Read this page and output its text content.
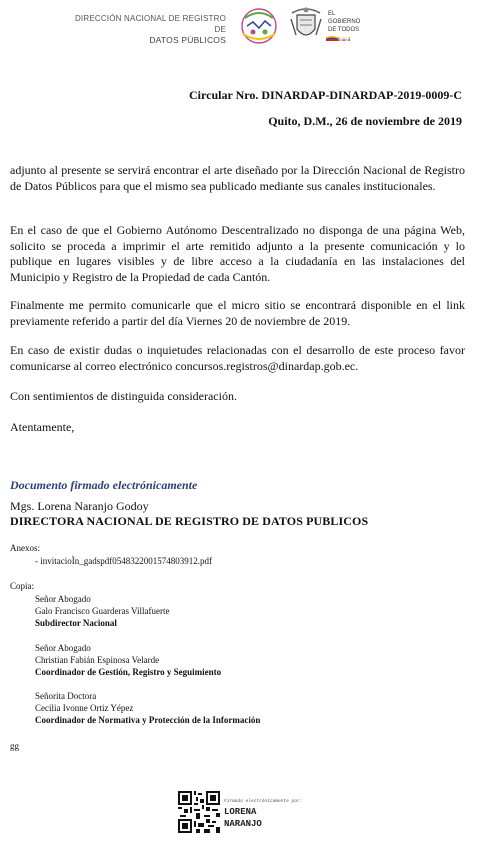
DIRECCIÓN NACIONAL DE REGISTRO DE
DATOS PÚBLICOS
EL
GOBIERNO
DE TODOS
Circular Nro. DINARDAP-DINARDAP-2019-0009-C
Quito, D.M., 26 de noviembre de 2019

adjunto al presente se servirá encontrar el arte diseñado por la Dirección Nacional de Registro de Datos Públicos para que el mismo sea publicado mediante sus canales institucionales.

En el caso de que el Gobierno Autónomo Descentralizado no disponga de una página Web, solicito se proceda a imprimir el arte remitido adjunto a la presente comunicación y lo publique en lugares visibles y de libre acceso a la ciudadanía en las instalaciones del Municipio y Registro de la Propiedad de cada Cantón.

Finalmente me permito comunicarle que el micro sitio se encontrará disponible en el link previamente referido a partir del día Viernes 20 de noviembre de 2019.

En caso de existir dudas o inquietudes relacionadas con el desarrollo de este proceso favor comunicarse al correo electrónico concursos.registros@dinardap.gob.ec.

Con sentimientos de distinguida consideración.

Atentamente,

Documento firmado electrónicamente
Mgs. Lorena Naranjo Godoy
DIRECTORA NACIONAL DE REGISTRO DE DATOS PUBLICOS
Anexos:
- invitacioÌn_gadspdf0548322001574803912.pdf
Copia:
Señor Abogado
Galo Francisco Guarderas Villafuerte
Subdirector Nacional
Señor Abogado
Christian Fabián Espinosa Velarde
Coordinador de Gestión, Registro y Seguimiento
Señorita Doctora
Cecilia Ivonne Ortiz Yépez
Coordinador de Normativa y Protección de la Información
gg
Firmado electrónicamente por:
LORENA
NARANJO
